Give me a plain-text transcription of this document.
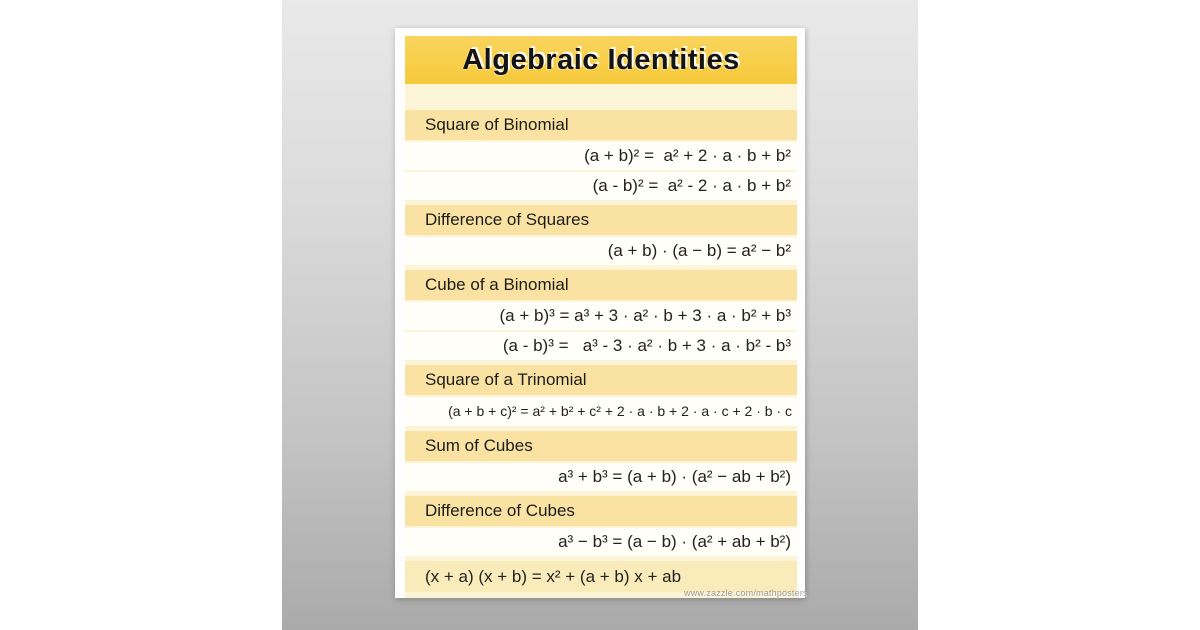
Algebraic Identities
Square of Binomial
(a + b)² =  a² + 2 · a · b + b²
(a - b)² =  a² - 2 · a · b + b²
Difference of Squares
(a + b) · (a − b) = a² − b²
Cube of a Binomial
(a + b)³ = a³ + 3 · a² · b + 3 · a · b² + b³
(a - b)³ =   a³ - 3 · a² · b + 3 · a · b² - b³
Square of a Trinomial
(a + b + c)² = a² + b² + c² + 2 · a · b + 2 · a · c + 2 · b · c
Sum of Cubes
a³ + b³ = (a + b) · (a² − ab + b²)
Difference of Cubes
a³ − b³ = (a − b) · (a² + ab + b²)
(x + a) (x + b) = x² + (a + b) x + ab
www.zazzle.com/mathposters
